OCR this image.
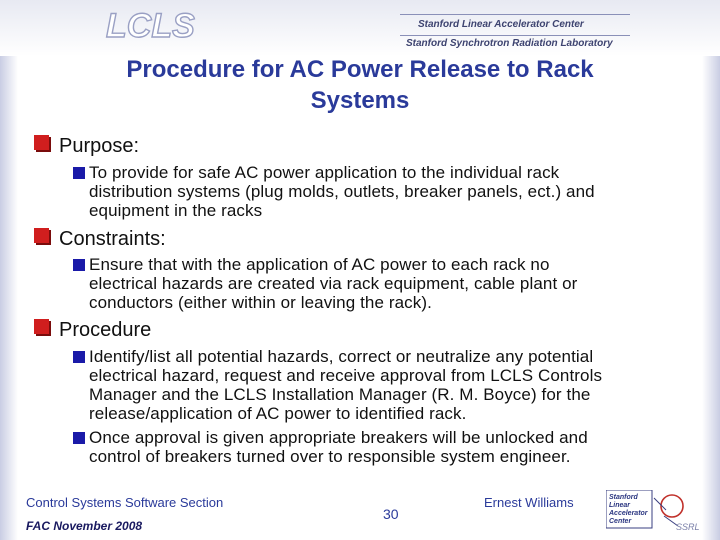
LCLS	Stanford Linear Accelerator Center
Stanford Synchrotron Radiation Laboratory
Procedure for AC Power Release to Rack
Systems
Purpose:
To provide for safe AC power application to the individual rack
distribution systems (plug molds, outlets, breaker panels, ect.) and
equipment in the racks
Constraints:
Ensure that with the application of AC power to each rack no
electrical hazards are created via rack equipment, cable plant or
conductors (either within or leaving the rack).
Procedure
Identify/list all potential hazards, correct or neutralize any potential
electrical hazard, request and receive approval from LCLS Controls
Manager and the LCLS Installation Manager (R. M. Boyce) for the
release/application of AC power to identified rack.
Once approval is given appropriate breakers will be unlocked and
control of breakers turned over to responsible system engineer.
Control Systems Software Section
FAC November 2008
30
Ernest Williams	Stanford
Linear
Accelerator
Center
SSRL
